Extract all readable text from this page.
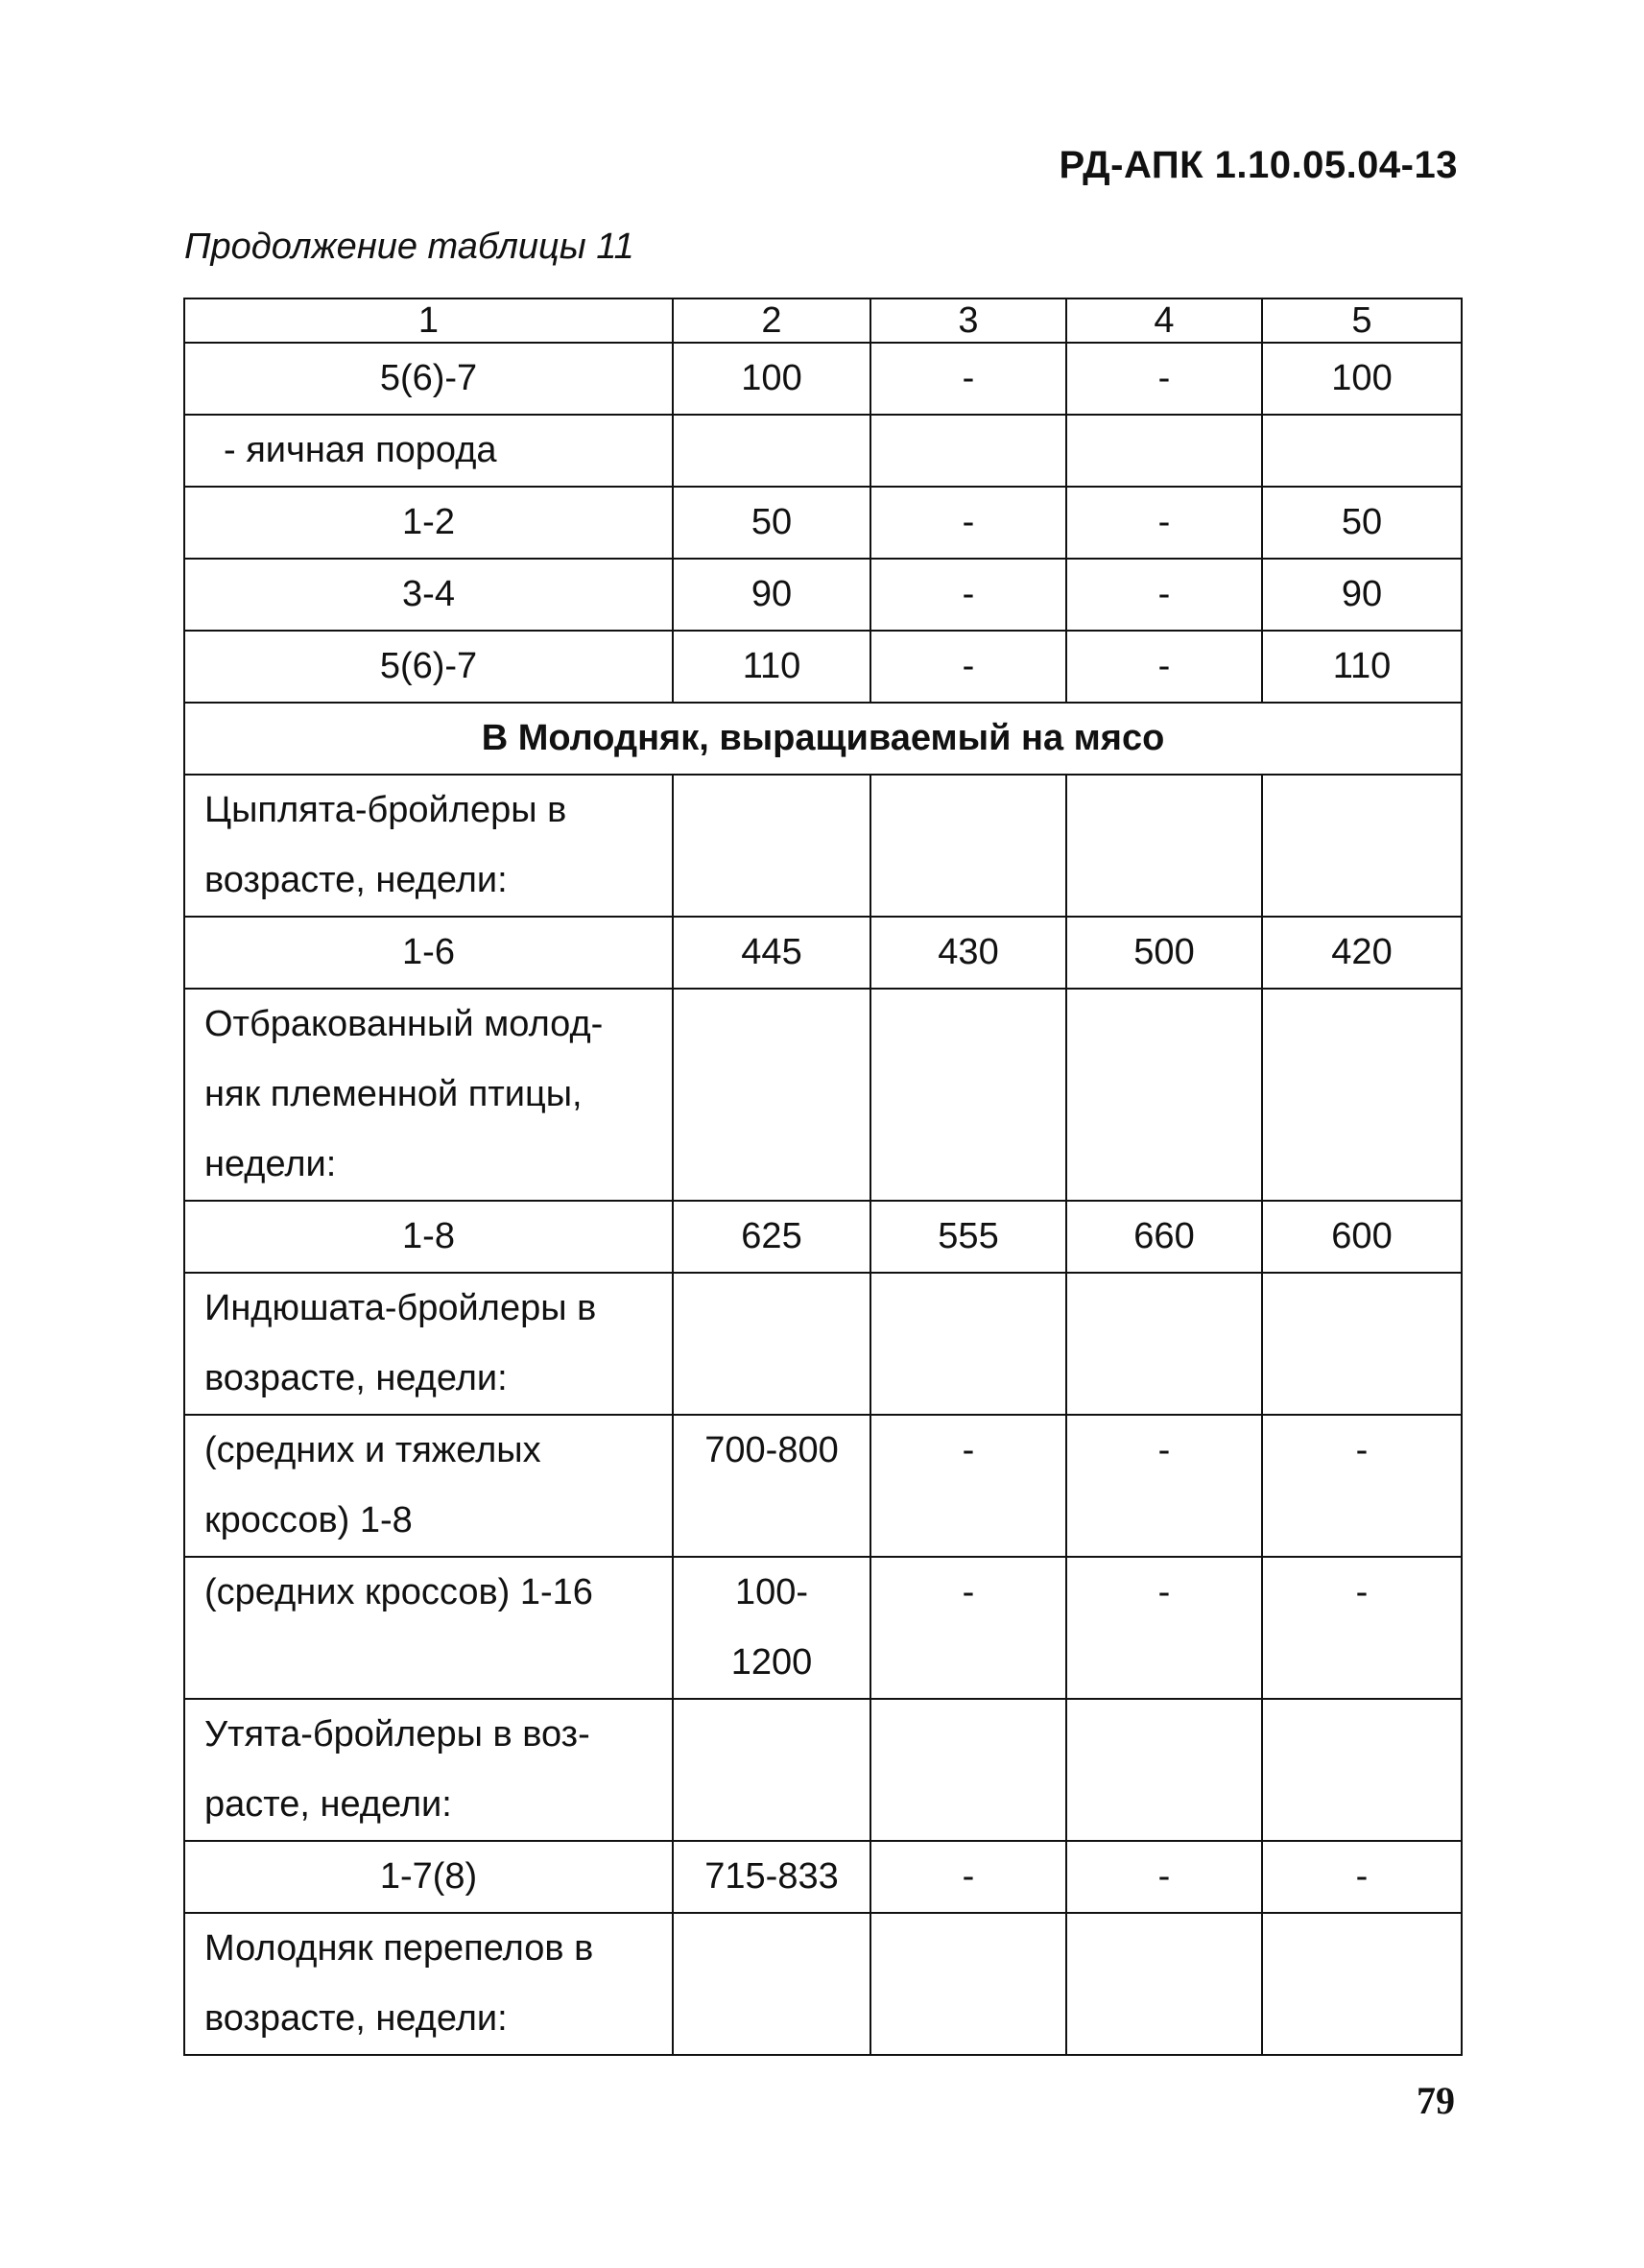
РД-АПК 1.10.05.04-13
Продолжение таблицы 11
1	2	3	4	5
5(6)-7	100	-	-	100
- яичная порода				
1-2	50	-	-	50
3-4	90	-	-	90
5(6)-7	110	-	-	110
В Молодняк, выращиваемый на мясо				
Цыплята-бройлеры в возрасте, недели:				
1-6	445	430	500	420
Отбракованный молод-няк племенной птицы, недели:				
1-8	625	555	660	600
Индюшата-бройлеры в возрасте, недели:				
(средних и тяжелых кроссов) 1-8	700-800	-	-	-
(средних кроссов) 1-16	100-1200	-	-	-
Утята-бройлеры в воз-расте, недели:				
1-7(8)	715-833	-	-	-
Молодняк перепелов в возрасте, недели:				
79
